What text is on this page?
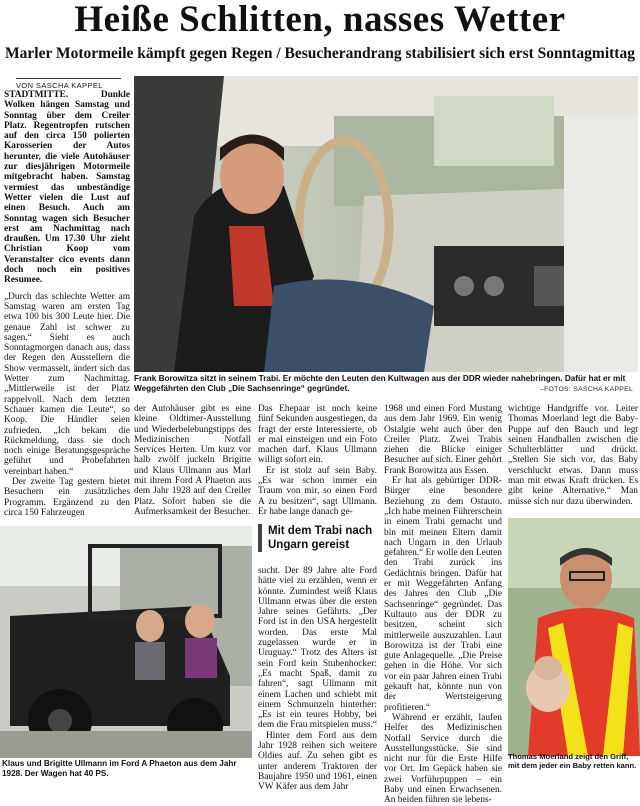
Heiße Schlitten, nasses Wetter
Marler Motormeile kämpft gegen Regen / Besucherandrang stabilisiert sich erst Sonntagmittag
VON SASCHA KAPPEL

STADTMITTE. Dunkle Wolken hängen Samstag und Sonntag über dem Creiler Platz. Regentropfen rutschen auf den circa 150 polierten Karosserien der Autos herunter, die viele Autohäuser zur diesjährigen Motormeile mitgebracht haben. Samstag vermiest das unbeständige Wetter vielen die Lust auf einen Besuch. Auch am Sonntag wagen sich Besucher erst am Nachmittag nach draußen. Um 17.30 Uhr zieht Christian Koop vom Veranstalter cico events dann doch noch ein positives Resumee.

„Durch das schlechte Wetter am Samstag waren am ersten Tag etwa 100 bis 300 Leute hier. Die genaue Zahl ist schwer zu sagen.“ Sieht es auch Sonntagmorgen danach aus, dass der Regen den Ausstellern die Show vermasselt, ändert sich das Wetter zum Nachmittag. „Mittlerweile ist der Platz rappelvoll. Nach dem letzten Schauer kamen die Leute“, so Koop. Die Händler seien zufrieden. „Ich bekam die Rückmeldung, dass sie doch noch einige Beratungsgespräche geführt und Probefahrten vereinbart haben.“

Der zweite Tag gestern bietet Besuchern ein zusätzliches Programm. Ergänzend zu den circa 150 Fahrzeugen

Frank Borowitza sitzt in seinem Trabi. Er möchte den Leuten den Kultwagen aus der DDR wieder nahebringen. Dafür hat er mit Weggefährten den Club „Die Sachsenringe“ gegründet.	–FOTOS: SASCHA KAPPEL

der Autohäuser gibt es eine kleine Oldtimer-Ausstellung und Wiederbelebungstipps des Medizinischen Notfall Services Herten. Um kurz vor halb zwölf juckeln Brigitte und Klaus Ullmann aus Marl mit ihrem Ford A Phaeton aus dem Jahr 1928 auf den Creiler Platz. Sofort haben sie die Aufmerksamkeit der Besucher.

Klaus und Brigitte Ullmann im Ford A Phaeton aus dem Jahr 1928. Der Wagen hat 40 PS.

Das Ehepaar ist noch keine fünf Sekunden ausgestiegen, da fragt der erste Interessierte, ob er mal einsteigen und ein Foto machen darf. Klaus Ullmann willigt sofort ein.

Er ist stolz auf sein Baby. „Es war schon immer ein Traum von mir, so einen Ford A zu besitzen“, sagt Ullmann. Er habe lange danach ge-

Mit dem Trabi nach Ungarn gereist

sucht. Der 89 Jahre alte Ford hätte viel zu erzählen, wenn er könnte. Zumindest weiß Klaus Ullmann etwas über die ersten Jahre seines Gefährts. „Der Ford ist in den USA hergestellt worden. Das erste Mal zugelassen wurde er in Uruguay.“ Trotz des Alters ist sein Ford kein Stubenhocker: „Es macht Spaß, damit zu fahren“, sagt Ullmann mit einem Lachen und schiebt mit einem Schmunzeln hinterher: „Es ist ein teures Hobby, bei dem die Frau mitspielen muss.“

Hinter dem Ford aus dem Jahr 1928 reihen sich weitere Oldies auf. Zu sehen gibt es unter anderem Traktoren der Baujahre 1950 und 1961, einen VW Käfer aus dem Jahr

1968 und einen Ford Mustang aus dem Jahr 1969. Ein wenig Ostalgie weht auch über den Creiler Platz. Zwei Trabis ziehen die Blicke einiger Besucher auf sich. Einer gehört Frank Borowitza aus Essen.

Er hat als gebürtiger DDR-Bürger eine besondere Beziehung zu dem Ostauto. „Ich habe meinen Führerschein in einem Trabi gemacht und bin mit meinen Eltern damit nach Ungarn in den Urlaub gefahren.“ Er wolle den Leuten den Trabi zurück ins Gedächtnis bringen. Dafür hat er mit Weggefährten Anfang des Jahres den Club „Die Sachsenringe“ gegründet. Das Kultauto aus der DDR zu besitzen, scheint sich mittlerweile auszuzahlen. Laut Borowitza ist der Trabi eine gute Anlagequelle. „Die Preise gehen in die Höhe. Vor sich vor ein paar Jahren einen Trabi gekauft hat, könnte nun von der Wertsteigerung profitieren.“

Während er erzählt, laufen Helfer des Medizinischen Notfall Service durch die Ausstellungsstücke. Sie sind nicht nur für die Erste Hilfe vor Ort. Im Gepäck haben sie zwei Vorführpuppen – ein Baby und einen Erwachsenen. An beiden führen sie lebens-

wichtige Handgriffe vor. Leiter Thomas Moerland legt die Baby-Puppe auf den Bauch und legt seinen Handballen zwischen die Schulterblätter und drückt. „Stellen Sie sich vor, das Baby verschluckt etwas. Dann muss man mit etwas Kraft drücken. Es gibt keine Alternative.“ Man müsse sich nur dazu überwinden.

Thomas Moerland zeigt den Griff, mit dem jeder ein Baby retten kann.
